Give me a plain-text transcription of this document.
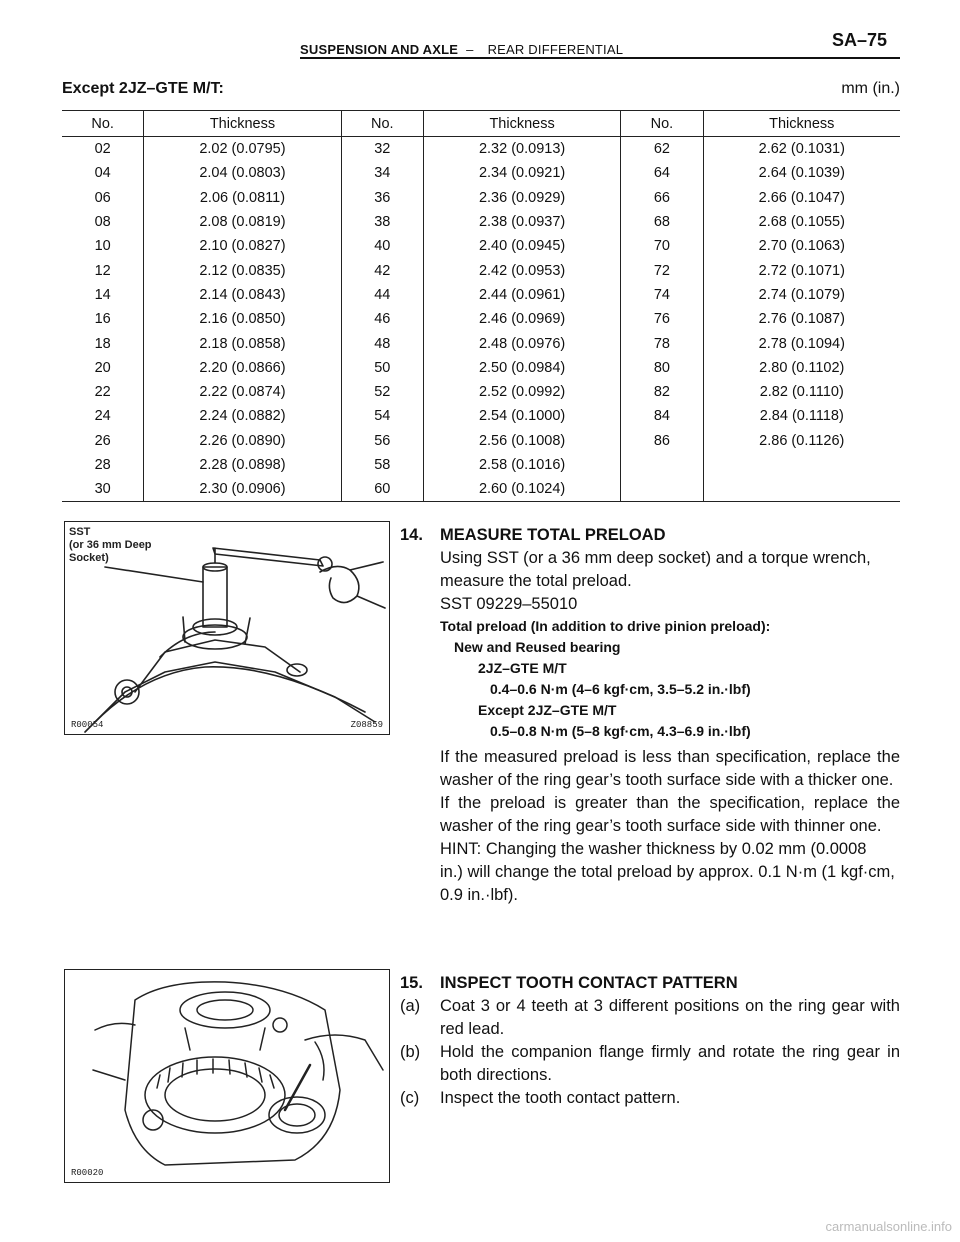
SUSPENSION AND AXLE – REAR DIFFERENTIAL	SA–75
Except 2JZ–GTE M/T:	mm (in.)
No.	Thickness	No.	Thickness	No.	Thickness
02	2.02 (0.0795)	32	2.32 (0.0913)	62	2.62 (0.1031)
04	2.04 (0.0803)	34	2.34 (0.0921)	64	2.64 (0.1039)
06	2.06 (0.0811)	36	2.36 (0.0929)	66	2.66 (0.1047)
08	2.08 (0.0819)	38	2.38 (0.0937)	68	2.68 (0.1055)
10	2.10 (0.0827)	40	2.40 (0.0945)	70	2.70 (0.1063)
12	2.12 (0.0835)	42	2.42 (0.0953)	72	2.72 (0.1071)
14	2.14 (0.0843)	44	2.44 (0.0961)	74	2.74 (0.1079)
16	2.16 (0.0850)	46	2.46 (0.0969)	76	2.76 (0.1087)
18	2.18 (0.0858)	48	2.48 (0.0976)	78	2.78 (0.1094)
20	2.20 (0.0866)	50	2.50 (0.0984)	80	2.80 (0.1102)
22	2.22 (0.0874)	52	2.52 (0.0992)	82	2.82 (0.1110)
24	2.24 (0.0882)	54	2.54 (0.1000)	84	2.84 (0.1118)
26	2.26 (0.0890)	56	2.56 (0.1008)	86	2.86 (0.1126)
28	2.28 (0.0898)	58	2.58 (0.1016)		
30	2.30 (0.0906)	60	2.60 (0.1024)		
SST
(or 36 mm Deep
Socket)
R00054	Z08859

14. MEASURE TOTAL PRELOAD

Using SST (or a 36 mm deep socket) and a torque wrench,

measure the total preload.

SST 09229–55010

Total preload (In addition to drive pinion preload):

New and Reused bearing

2JZ–GTE M/T

0.4–0.6 N·m (4–6 kgf·cm, 3.5–5.2 in.·lbf)

Except 2JZ–GTE M/T

0.5–0.8 N·m (5–8 kgf·cm, 4.3–6.9 in.·lbf)

If the measured preload is less than specification, replace the washer of the ring gear’s tooth surface side with a thicker one.

If the preload is greater than the specification, replace the washer of the ring gear’s tooth surface side with thinner one.

HINT: Changing the washer thickness by 0.02 mm (0.0008

in.) will change the total preload by approx. 0.1 N·m (1 kgf·cm,

0.9 in.·lbf).

R00020

15. INSPECT TOOTH CONTACT PATTERN

(a)	Coat 3 or 4 teeth at 3 different positions on the ring gear with red lead.
(b)	Hold the companion flange firmly and rotate the ring gear in both directions.
(c)	Inspect the tooth contact pattern.
carmanualsonline.info
